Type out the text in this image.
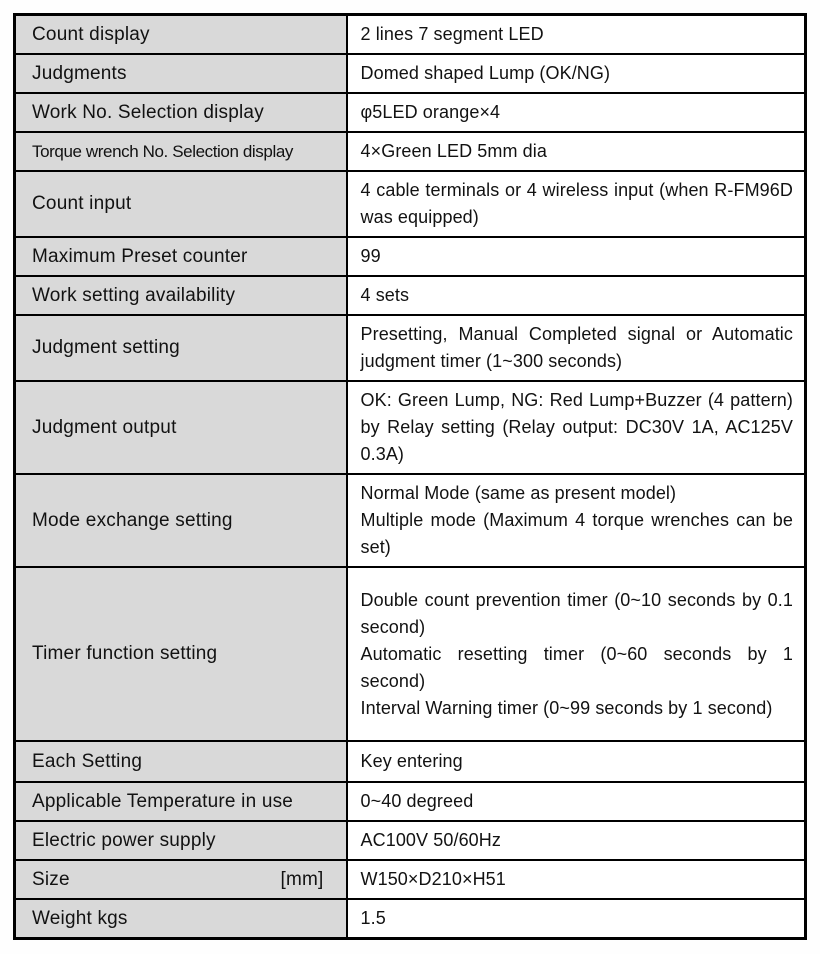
Count display	2 lines 7 segment LED

Judgments	Domed shaped Lump (OK/NG)

Work No. Selection display	φ5LED orange×4

Torque wrench No. Selection display	4×Green LED 5mm dia

Count input	4 cable terminals or 4 wireless input (when R-FM96D was equipped)

Maximum Preset counter	99

Work setting availability	4 sets

Judgment setting	Presetting, Manual Completed signal or Automatic judgment timer (1~300 seconds)

Judgment output	OK: Green Lump, NG: Red Lump+Buzzer (4 pattern) by Relay setting (Relay output: DC30V 1A, AC125V 0.3A)

Mode exchange setting	Normal Mode (same as present model)
Multiple mode (Maximum 4 torque wrenches can be set)

Timer function setting	Double count prevention timer (0~10 seconds by 0.1 second)
Automatic resetting timer (0~60 seconds by 1 second)
Interval Warning timer (0~99 seconds by 1 second)

Each Setting	Key entering

Applicable Temperature in use	0~40 degreed

Electric power supply	AC100V 50/60Hz

Size [mm]	W150×D210×H51

Weight kgs	1.5
